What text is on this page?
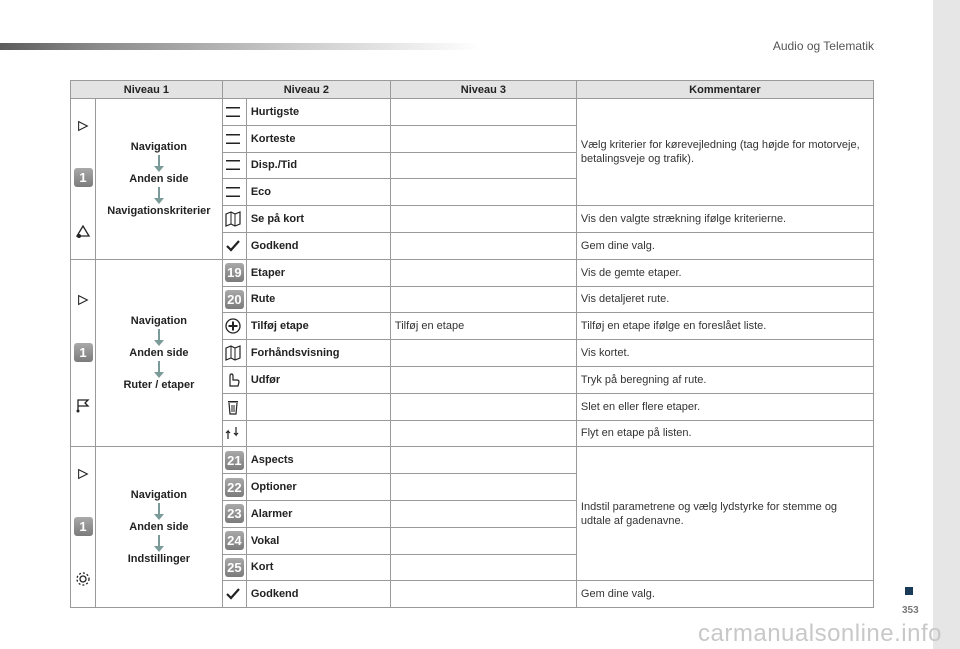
Audio og Telematik
353
carmanualsonline.info
Niveau 1		Niveau 2		Niveau 3	Kommentarer

1	Navigation
Anden side
Navigationskriterier		Hurtigste		Vælg kriterier for kørevejledning (tag højde for motorveje, betalingsveje og trafik).

	Korteste		

	Disp./Tid		

	Eco		

	Se på kort		Vis den valgte strækning ifølge kriterierne.

	Godkend		Gem dine valg.

1	Navigation
Anden side
Ruter / etaper	19	Etaper		Vis de gemte etaper.
		20	Rute		Vis detaljeret rute.

	Tilføj etape	Tilføj en etape	Tilføj en etape ifølge en foreslået liste.

	Forhåndsvisning		Vis kortet.

	Udfør		Tryk på beregning af rute.

			Slet en eller flere etaper.

			Flyt en etape på listen.

1	Navigation
Anden side
Indstillinger	21	Aspects		Indstil parametrene og vælg lydstyrke for stemme og udtale af gadenavne.
		22	Optioner		
		23	Alarmer		
		24	Vokal		
		25	Kort		

	Godkend		Gem dine valg.
